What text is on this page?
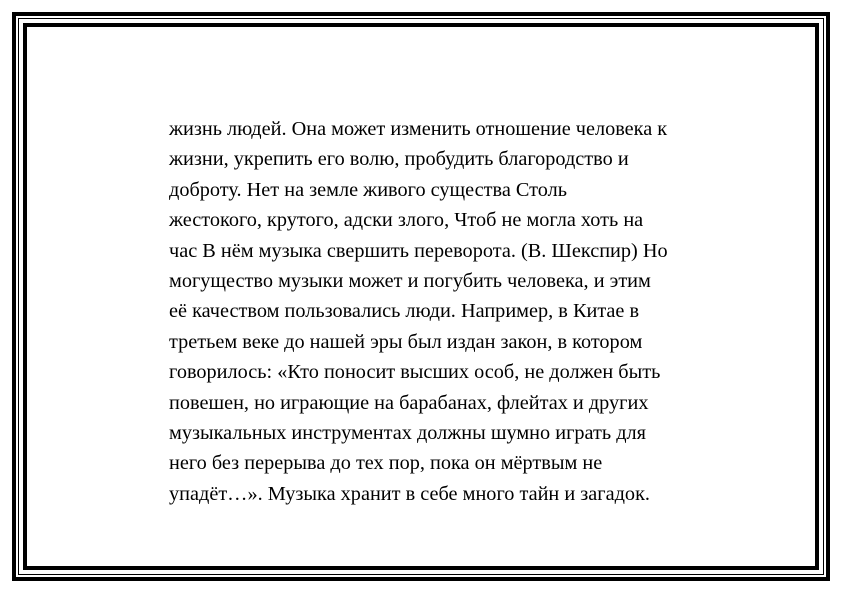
жизнь людей. Она может изменить отношение человека к
жизни, укрепить его волю, пробудить благородство и
доброту. Нет на земле живого существа Столь
жестокого, крутого, адски злого, Чтоб не могла хоть на
час В нём музыка свершить переворота. (В. Шекспир) Но
могущество музыки может и погубить человека, и этим
её качеством пользовались люди. Например, в Китае в
третьем веке до нашей эры был издан закон, в котором
говорилось: «Кто поносит высших особ, не должен быть
повешен, но играющие на барабанах, флейтах и других
музыкальных инструментах должны шумно играть для
него без перерыва до тех пор, пока он мёртвым не
упадёт…». Музыка хранит в себе много тайн и загадок.
